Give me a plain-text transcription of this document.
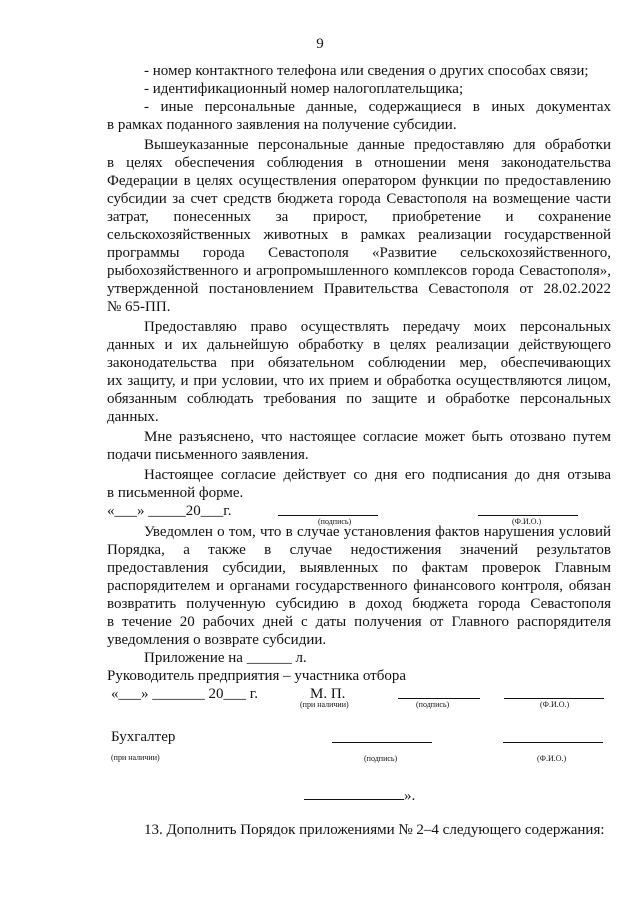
9
- номер контактного телефона или сведения о других способах связи;
- идентификационный номер налогоплательщика;
- иные персональные данные, содержащиеся в иных документах
в рамках поданного заявления на получение субсидии.
Вышеуказанные персональные данные предоставляю для обработки
в целях обеспечения соблюдения в отношении меня законодательства
Федерации в целях осуществления оператором функции по предоставлению
субсидии за счет средств бюджета города Севастополя на возмещение части
затрат, понесенных за прирост, приобретение и сохранение
сельскохозяйственных животных в рамках реализации государственной
программы города Севастополя «Развитие сельскохозяйственного,
рыбохозяйственного и агропромышленного комплексов города Севастополя»,
утвержденной постановлением Правительства Севастополя от 28.02.2022
№ 65-ПП.
Предоставляю право осуществлять передачу моих персональных
данных и их дальнейшую обработку в целях реализации действующего
законодательства при обязательном соблюдении мер, обеспечивающих
их защиту, и при условии, что их прием и обработка осуществляются лицом,
обязанным соблюдать требования по защите и обработке персональных
данных.
Мне разъяснено, что настоящее согласие может быть отозвано путем
подачи письменного заявления.
Настоящее согласие действует со дня его подписания до дня отзыва
в письменной форме.
«___» _____20___г.
(подпись)	(Ф.И.О.)
Уведомлен о том, что в случае установления фактов нарушения условий
Порядка, а также в случае недостижения значений результатов
предоставления субсидии, выявленных по фактам проверок Главным
распорядителем и органами государственного финансового контроля, обязан
возвратить полученную субсидию в доход бюджета города Севастополя
в течение 20 рабочих дней с даты получения от Главного распорядителя
уведомления о возврате субсидии.
Приложение на ______ л.
Руководитель предприятия – участника отбора
«___» _______ 20___ г.	М. П.
(при наличии)	(подпись)	(Ф.И.О.)
Бухгалтер
(при наличии)	(подпись)	(Ф.И.О.)
».
13. Дополнить Порядок приложениями № 2–4 следующего содержания:
